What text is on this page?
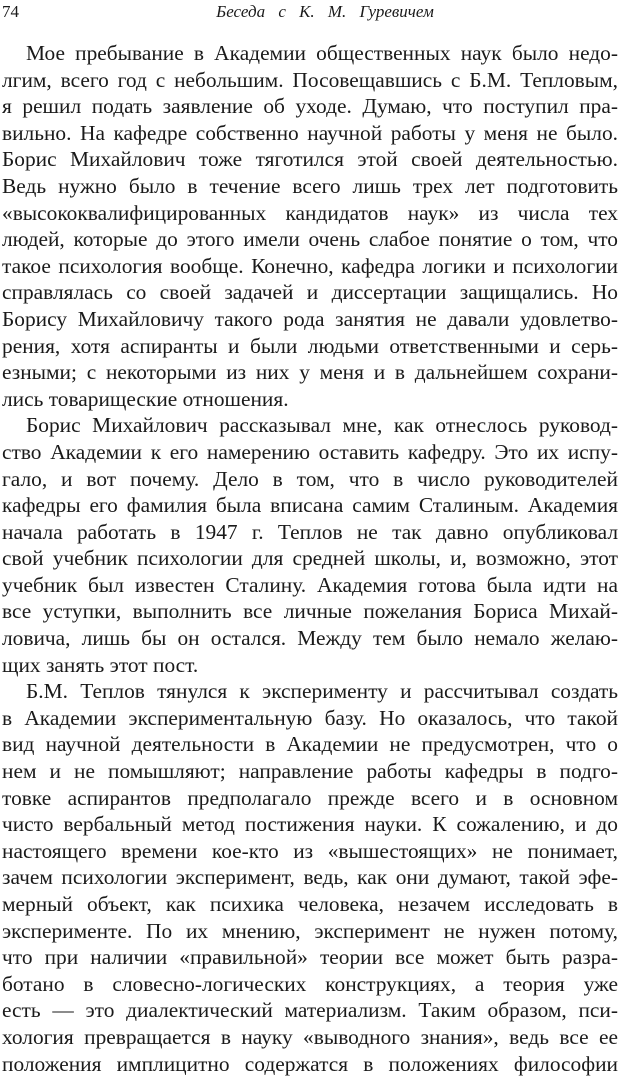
74	Беседа с К. М. Гуревичем
Мое пребывание в Академии общественных наук было недо-
лгим, всего год с небольшим. Посовещавшись с Б.М. Тепловым,
я решил подать заявление об уходе. Думаю, что поступил пра-
вильно. На кафедре собственно научной работы у меня не было.
Борис Михайлович тоже тяготился этой своей деятельностью.
Ведь нужно было в течение всего лишь трех лет подготовить
«высококвалифицированных кандидатов наук» из числа тех
людей, которые до этого имели очень слабое понятие о том, что
такое психология вообще. Конечно, кафедра логики и психологии
справлялась со своей задачей и диссертации защищались. Но
Борису Михайловичу такого рода занятия не давали удовлетво-
рения, хотя аспиранты и были людьми ответственными и серь-
езными; с некоторыми из них у меня и в дальнейшем сохрани-
лись товарищеские отношения.
Борис Михайлович рассказывал мне, как отнеслось руковод-
ство Академии к его намерению оставить кафедру. Это их испу-
гало, и вот почему. Дело в том, что в число руководителей
кафедры его фамилия была вписана самим Сталиным. Академия
начала работать в 1947 г. Теплов не так давно опубликовал
свой учебник психологии для средней школы, и, возможно, этот
учебник был известен Сталину. Академия готова была идти на
все уступки, выполнить все личные пожелания Бориса Михай-
ловича, лишь бы он остался. Между тем было немало желаю-
щих занять этот пост.
Б.М. Теплов тянулся к эксперименту и рассчитывал создать
в Академии экспериментальную базу. Но оказалось, что такой
вид научной деятельности в Академии не предусмотрен, что о
нем и не помышляют; направление работы кафедры в подго-
товке аспирантов предполагало прежде всего и в основном
чисто вербальный метод постижения науки. К сожалению, и до
настоящего времени кое-кто из «вышестоящих» не понимает,
зачем психологии эксперимент, ведь, как они думают, такой эфе-
мерный объект, как психика человека, незачем исследовать в
эксперименте. По их мнению, эксперимент не нужен потому,
что при наличии «правильной» теории все может быть разра-
ботано в словесно-логических конструкциях, а теория уже
есть — это диалектический материализм. Таким образом, пси-
хология превращается в науку «выводного знания», ведь все ее
положения имплицитно содержатся в положениях философии
